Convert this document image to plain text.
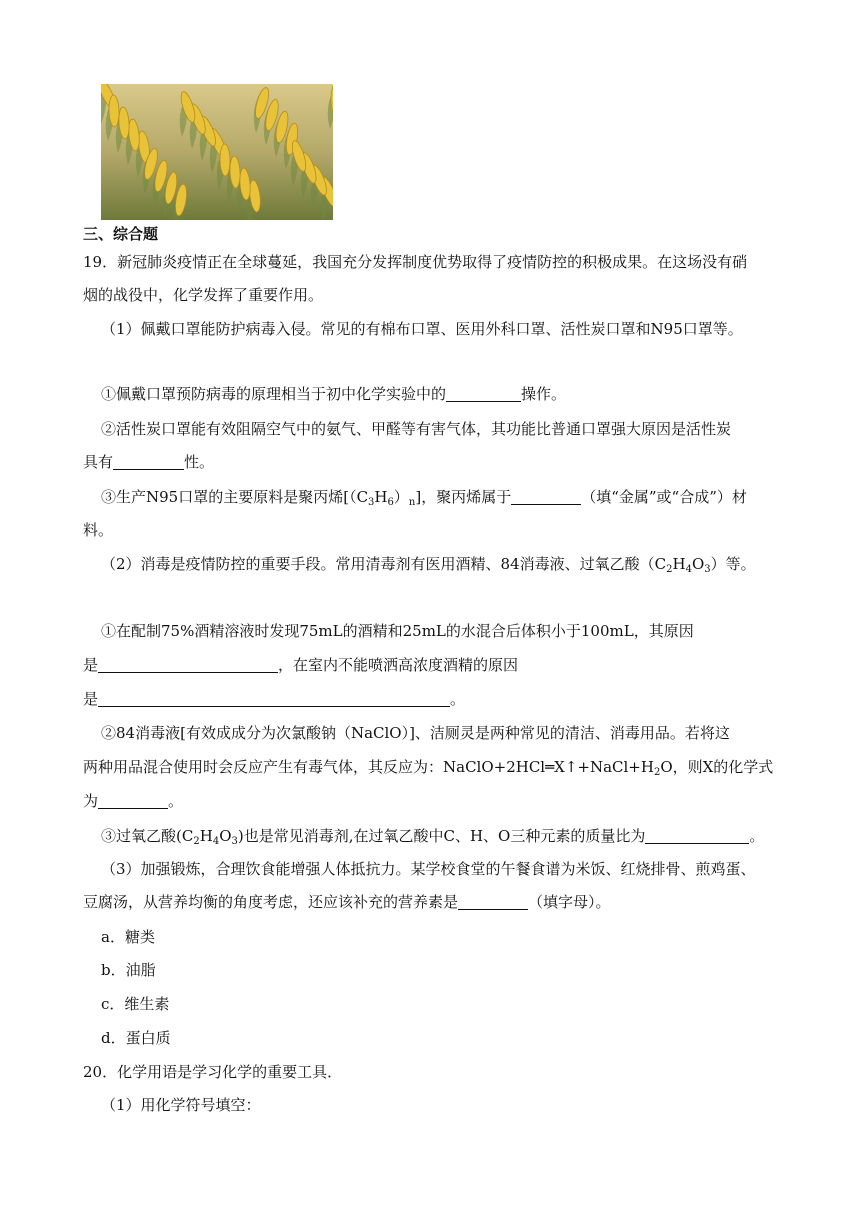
三、综合题
19．新冠肺炎疫情正在全球蔓延，我国充分发挥制度优势取得了疫情防控的积极成果。在这场没有硝
烟的战役中，化学发挥了重要作用。
（1）佩戴口罩能防护病毒入侵。常见的有棉布口罩、医用外科口罩、活性炭口罩和N95口罩等。
①佩戴口罩预防病毒的原理相当于初中化学实验中的	操作。
②活性炭口罩能有效阻隔空气中的氨气、甲醛等有害气体，其功能比普通口罩强大原因是活性炭
具有	性。
③生产N95口罩的主要原料是聚丙烯$[(C_3H_6)_n]$，聚丙烯属于	（填“金属”或“合成”）材
料。
（2）消毒是疫情防控的重要手段。常用清毒剂有医用酒精、84消毒液、过氧乙酸$(C_2H_4O_3)$等。
①在配制75%酒精溶液时发现75mL的酒精和25mL的水混合后体积小于100mL，其原因
是	，在室内不能喷洒高浓度酒精的原因
是	。
②84消毒液[有效成成分为次氯酸钠（NaClO）]、洁厕灵是两种常见的清洁、消毒用品。若将这
两种用品混合使用时会反应产生有毒气体，其反应为：$NaClO+2HCl═X↑+NaCl+H_2O$，则X的化学式
为	。
③过氧乙酸$(C_2H_4O_3)$也是常见消毒剂,在过氧乙酸中C、H、O三种元素的质量比为	。
（3）加强锻炼，合理饮食能增强人体抵抗力。某学校食堂的午餐食谱为米饭、红烧排骨、煎鸡蛋、
豆腐汤，从营养均衡的角度考虑，还应该补充的营养素是	（填字母）。
a．糖类
b．油脂
c．维生素
d．蛋白质
20．化学用语是学习化学的重要工具．
（1）用化学符号填空：
